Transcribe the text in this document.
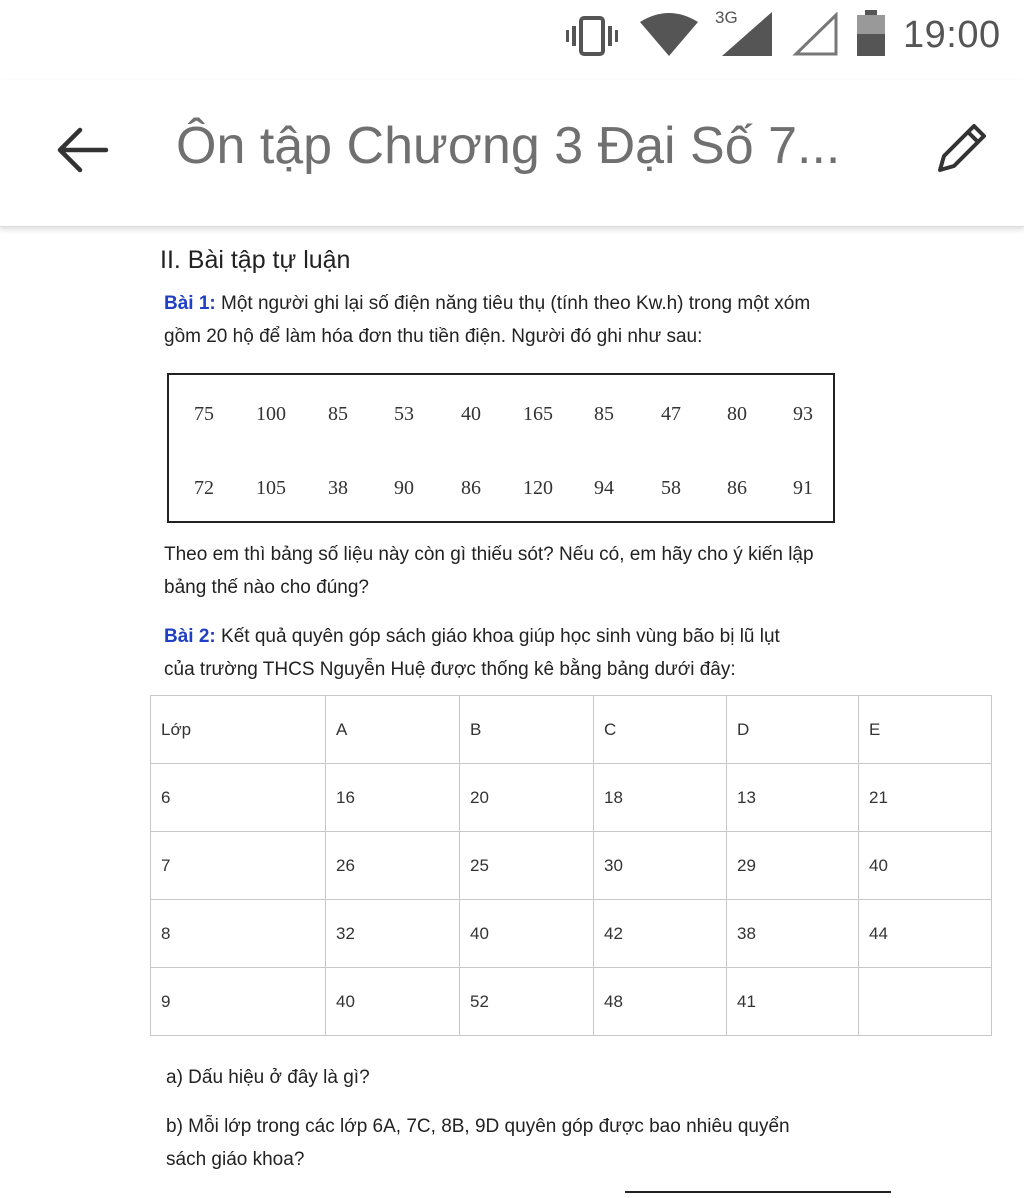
3G	19:00
Ôn tập Chương 3 Đại Số 7...
II. Bài tập tự luận
Bài 1: Một người ghi lại số điện năng tiêu thụ (tính theo Kw.h) trong một xóm
gồm 20 hộ để làm hóa đơn thu tiền điện. Người đó ghi như sau:
75	100	85	53	40	165	85	47	80	93
72	105	38	90	86	120	94	58	86	91
Theo em thì bảng số liệu này còn gì thiếu sót? Nếu có, em hãy cho ý kiến lập
bảng thế nào cho đúng?
Bài 2: Kết quả quyên góp sách giáo khoa giúp học sinh vùng bão bị lũ lụt
của trường THCS Nguyễn Huệ được thống kê bằng bảng dưới đây:
Lớp	A	B	C	D	E
6	16	20	18	13	21
7	26	25	30	29	40
8	32	40	42	38	44
9	40	52	48	41	
a) Dấu hiệu ở đây là gì?
b) Mỗi lớp trong các lớp 6A, 7C, 8B, 9D quyên góp được bao nhiêu quyển
sách giáo khoa?
